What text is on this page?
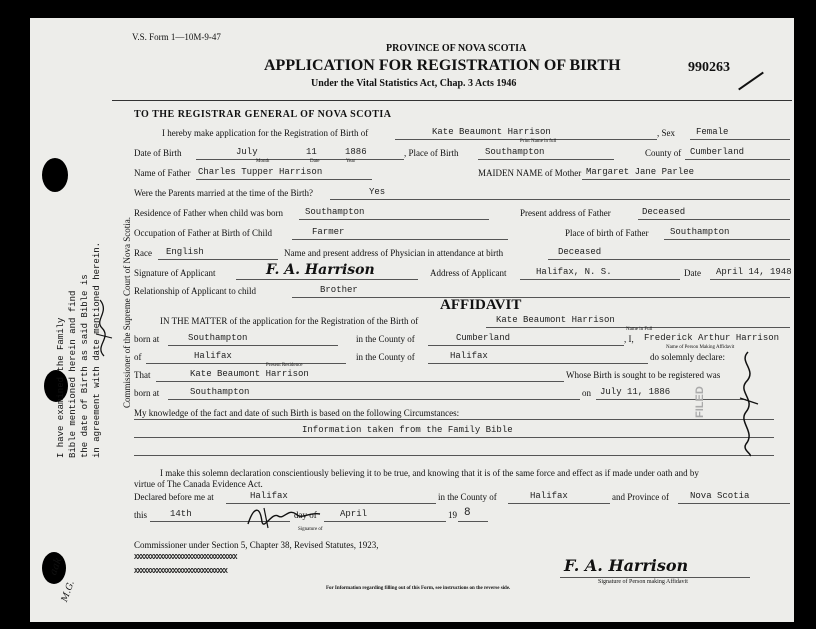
V.S. Form 1—10M-9-47
PROVINCE OF NOVA SCOTIA
APPLICATION FOR REGISTRATION OF BIRTH
Under the Vital Statistics Act, Chap. 3 Acts 1946
990263
TO THE REGISTRAR GENERAL OF NOVA SCOTIA
I hereby make application for the Registration of Birth of	Kate Beaumont Harrison
Print Name in full
, Sex Female
Date of Birth	July	11	1886
Month	Date	Year
, Place of Birth	Southampton	County of Cumberland
Name of Father Charles Tupper Harrison	MAIDEN NAME of Mother Margaret Jane Parlee
Were the Parents married at the time of the Birth?	Yes
Residence of Father when child was born Southampton	Present address of Father	Deceased
Occupation of Father at Birth of Child	Farmer	Place of birth of Father Southampton
Race English	Name and present address of Physician in attendance at birth	Deceased
Signature of Applicant	F. A. Harrison	Address of Applicant	Halifax, N. S.	Date April 14, 1948
Relationship of Applicant to child	Brother
AFFIDAVIT
IN THE MATTER of the application for the Registration of the Birth of	Kate Beaumont Harrison
Name in Full
born at	Southampton	in the County of	Cumberland	, I, Frederick Arthur Harrison
Name of Person Making Affidavit
of	Halifax
Present Residence
in the County of	Halifax	do solemnly declare:
That	Kate Beaumont Harrison	Whose Birth is sought to be registered was
born at	Southampton	on July 11, 1886
My knowledge of the fact and date of such Birth is based on the following Circumstances:
Information taken from the Family Bible
I make this solemn declaration conscientiously believing it to be true, and knowing that it is of the same force and effect as if made under oath and by
virtue of The Canada Evidence Act.
Declared before me at	Halifax	in the County of	Halifax	and Province of Nova Scotia
this	14th	day of	April	19 8
Signature of
Commissioner under Section 5, Chapter 38, Revised Statutes, 1923,
XXXXXXXXXXXXXXXXXXXXXXXXXXXXXXXX
XXXXXXXXXXXXXXXXXXXXXXXXXXXXX	F. A. Harrison
Signature of Person making Affidavit
For Information regarding filling out of this Form, see instructions on the reverse side.
I have examined the Family Bible mentioned herein and find the date of Birth as said Bible is in agreement with date mentioned herein. Commissioner of the Supreme Court of Nova Scotia.
aak
M.G.
FILED
